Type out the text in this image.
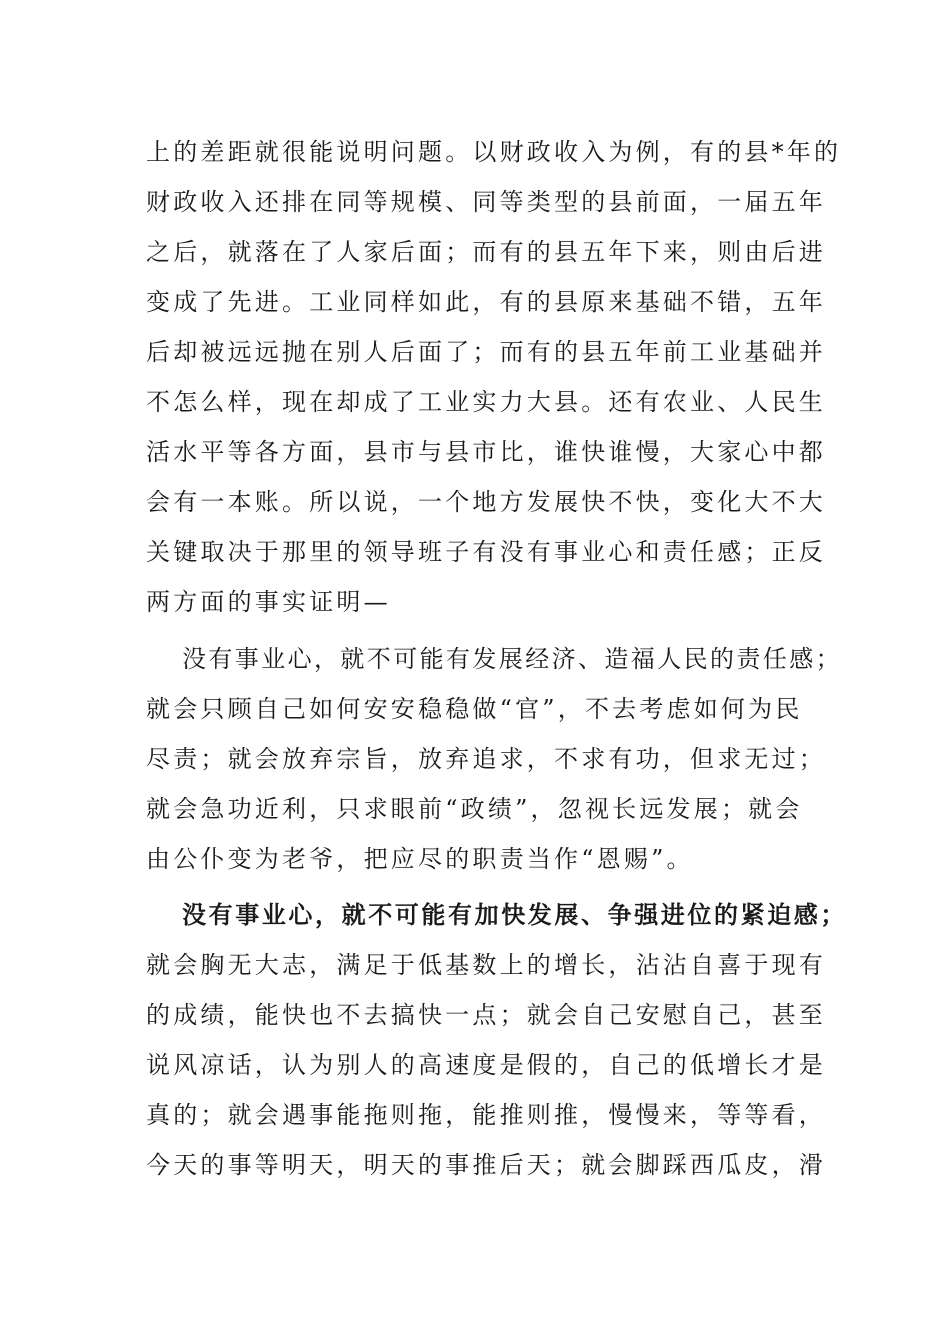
上的差距就很能说明问题。以财政收入为例，有的县*年的
财政收入还排在同等规模、同等类型的县前面，一届五年
之后，就落在了人家后面；而有的县五年下来，则由后进
变成了先进。工业同样如此，有的县原来基础不错，五年
后却被远远抛在别人后面了；而有的县五年前工业基础并
不怎么样，现在却成了工业实力大县。还有农业、人民生
活水平等各方面，县市与县市比，谁快谁慢，大家心中都
会有一本账。所以说，一个地方发展快不快，变化大不大
关键取决于那里的领导班子有没有事业心和责任感；正反
两方面的事实证明—
没有事业心，就不可能有发展经济、造福人民的责任感；
就会只顾自己如何安安稳稳做“官”，不去考虑如何为民
尽责；就会放弃宗旨，放弃追求，不求有功，但求无过；
就会急功近利，只求眼前“政绩”，忽视长远发展；就会
由公仆变为老爷，把应尽的职责当作“恩赐”。
没有事业心，就不可能有加快发展、争强进位的紧迫感；
就会胸无大志，满足于低基数上的增长，沾沾自喜于现有
的成绩，能快也不去搞快一点；就会自己安慰自己，甚至
说风凉话，认为别人的高速度是假的，自己的低增长才是
真的；就会遇事能拖则拖，能推则推，慢慢来，等等看，
今天的事等明天，明天的事推后天；就会脚踩西瓜皮，滑
